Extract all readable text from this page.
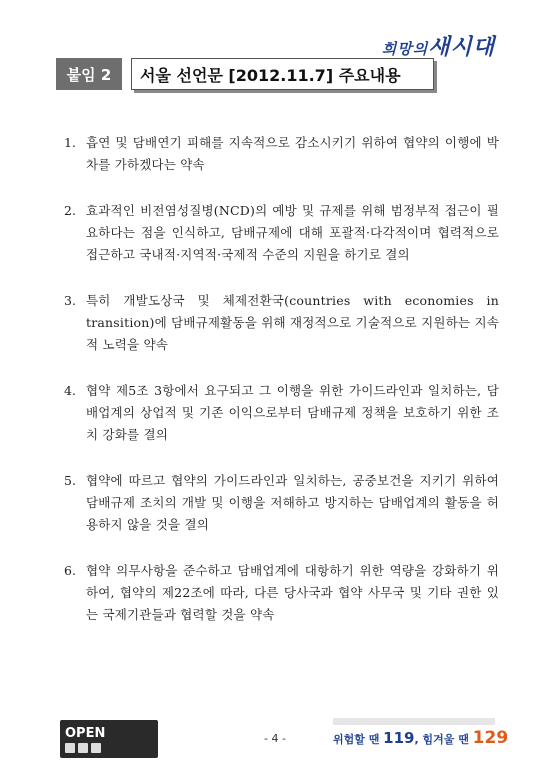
희망의새시대
붙임 2	서울 선언문 [2012.11.7] 주요내용
1. 흡연 및 담배연기 피해를 지속적으로 감소시키기 위하여 협약의 이행에 박차를 가하겠다는 약속
2. 효과적인 비전염성질병(NCD)의 예방 및 규제를 위해 범정부적 접근이 필요하다는 점을 인식하고, 담배규제에 대해 포괄적·다각적이며 협력적으로 접근하고 국내적·지역적·국제적 수준의 지원을 하기로 결의
3. 특히 개발도상국 및 체제전환국(countries with economies in transition)에 담배규제활동을 위해 재정적으로 기술적으로 지원하는 지속적 노력을 약속
4. 협약 제5조 3항에서 요구되고 그 이행을 위한 가이드라인과 일치하는, 담배업계의 상업적 및 기존 이익으로부터 담배규제 정책을 보호하기 위한 조치 강화를 결의
5. 협약에 따르고 협약의 가이드라인과 일치하는, 공중보건을 지키기 위하여 담배규제 조치의 개발 및 이행을 저해하고 방지하는 담배업계의 활동을 허용하지 않을 것을 결의
6. 협약 의무사항을 준수하고 담배업계에 대항하기 위한 역량을 강화하기 위하여, 협약의 제22조에 따라, 다른 당사국과 협약 사무국 및 기타 권한 있는 국제기관들과 협력할 것을 약속
OPEN	- 4 -	위험할 땐 119, 힘겨울 땐 129
